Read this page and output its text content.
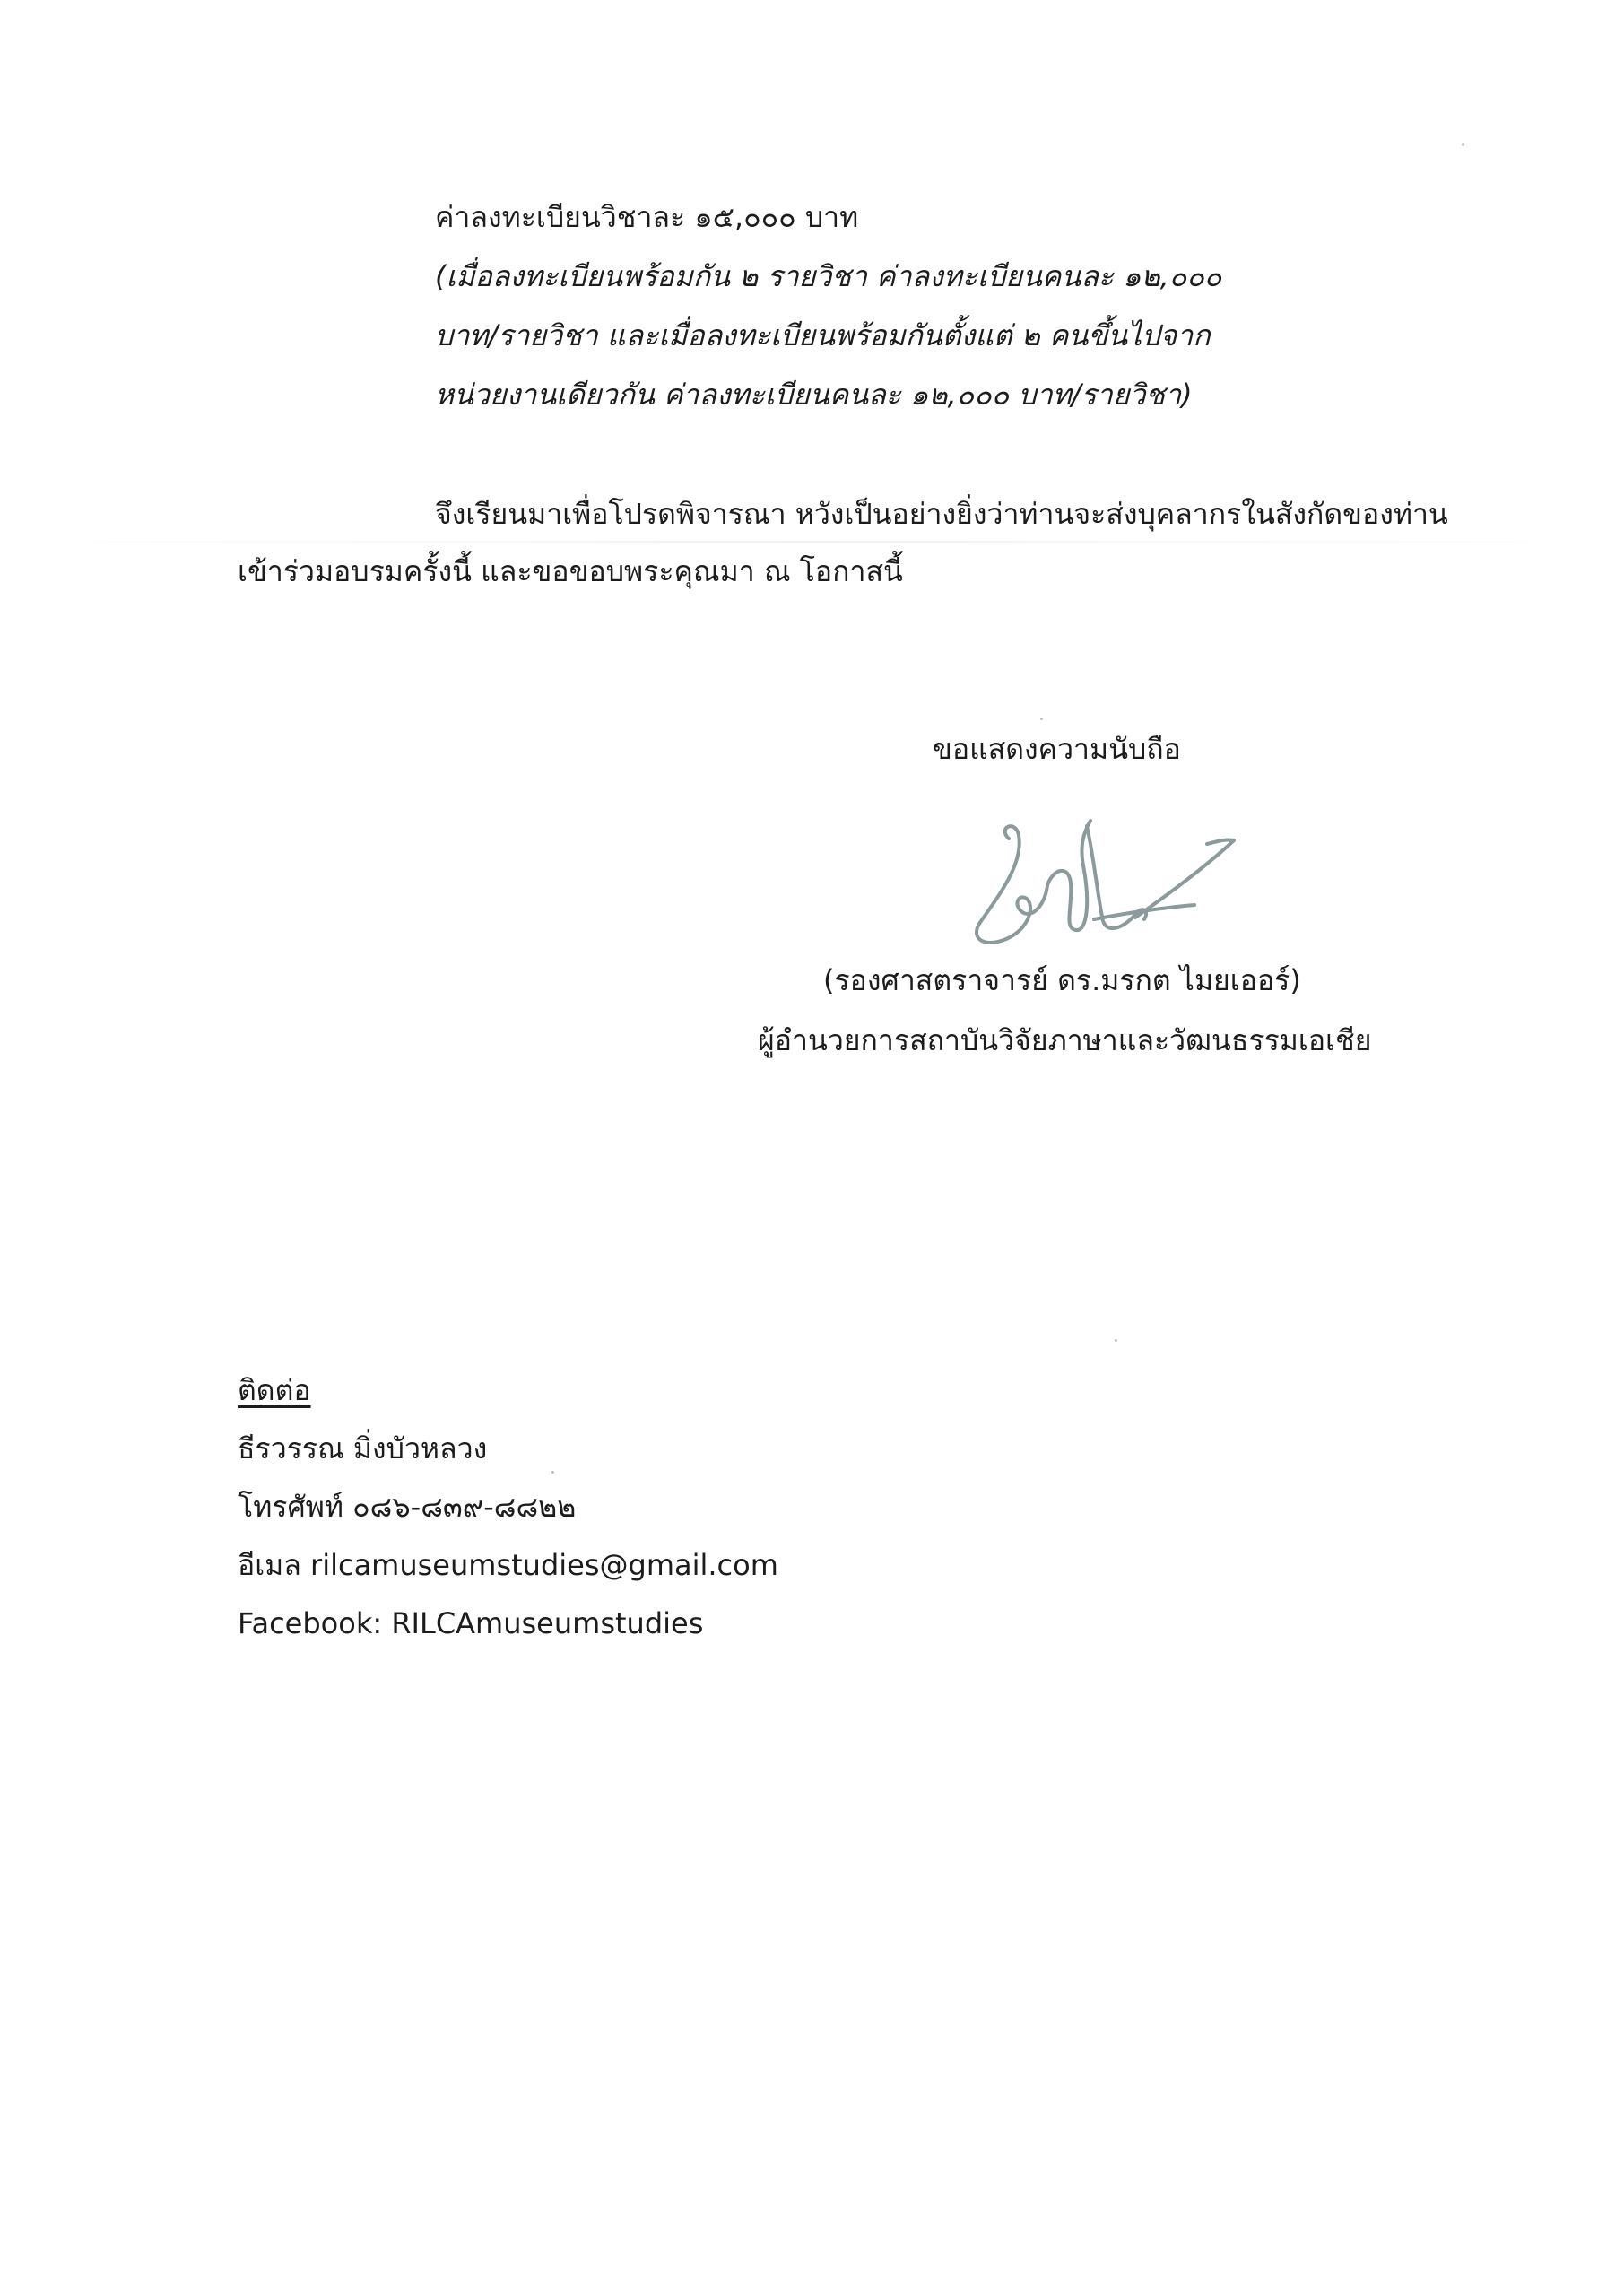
ค่าลงทะเบียนวิชาละ ๑๕,๐๐๐ บาท
(เมื่อลงทะเบียนพร้อมกัน ๒ รายวิชา ค่าลงทะเบียนคนละ ๑๒,๐๐๐
บาท/รายวิชา และเมื่อลงทะเบียนพร้อมกันตั้งแต่ ๒ คนขึ้นไปจาก
หน่วยงานเดียวกัน ค่าลงทะเบียนคนละ ๑๒,๐๐๐ บาท/รายวิชา)
จึงเรียนมาเพื่อโปรดพิจารณา หวังเป็นอย่างยิ่งว่าท่านจะส่งบุคลากรในสังกัดของท่าน
เข้าร่วมอบรมครั้งนี้ และขอขอบพระคุณมา ณ โอกาสนี้
ขอแสดงความนับถือ
(รองศาสตราจารย์ ดร.มรกต ไมยเออร์)
ผู้อำนวยการสถาบันวิจัยภาษาและวัฒนธรรมเอเชีย
ติดต่อ
ธีรวรรณ มิ่งบัวหลวง
โทรศัพท์ ๐๘๖-๘๓๙-๘๘๒๒
อีเมล rilcamuseumstudies@gmail.com
Facebook: RILCAmuseumstudies
